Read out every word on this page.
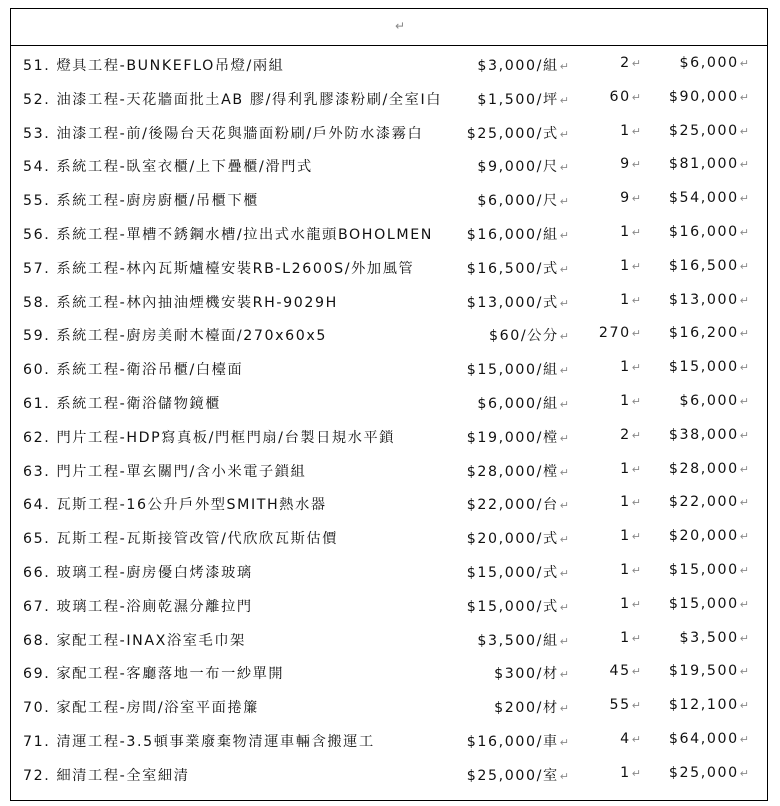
↵
51. 燈具工程-BUNKEFLO吊燈/兩組	$3,000/組↵	2↵	$6,000↵
52. 油漆工程-天花牆面批土AB 膠/得利乳膠漆粉刷/全室I白 $1,500/坪↵	60↵ $90,000↵
53. 油漆工程-前/後陽台天花與牆面粉刷/戶外防水漆霧白	$25,000/式↵	1↵ $25,000↵
54. 系統工程-臥室衣櫃/上下疊櫃/滑門式	$9,000/尺↵	9↵ $81,000↵
55. 系統工程-廚房廚櫃/吊櫃下櫃	$6,000/尺↵	9↵ $54,000↵
56. 系統工程-單槽不銹鋼水槽/拉出式水龍頭BOHOLMEN $16,000/組↵	1↵ $16,000↵
57. 系統工程-林內瓦斯爐檯安裝RB-L2600S/外加風管	$16,500/式↵	1↵ $16,500↵
58. 系統工程-林內抽油煙機安裝RH-9029H	$13,000/式↵	1↵ $13,000↵
59. 系統工程-廚房美耐木檯面/270x60x5	$60/公分↵ 270↵ $16,200↵
60. 系統工程-衛浴吊櫃/白檯面	$15,000/組↵	1↵ $15,000↵
61. 系統工程-衛浴儲物鏡櫃	$6,000/組↵	1↵	$6,000↵
62. 門片工程-HDP寫真板/門框門扇/台製日規水平鎖	$19,000/樘↵	2↵ $38,000↵
63. 門片工程-單玄關門/含小米電子鎖組	$28,000/樘↵	1↵ $28,000↵
64. 瓦斯工程-16公升戶外型SMITH熱水器	$22,000/台↵	1↵ $22,000↵
65. 瓦斯工程-瓦斯接管改管/代欣欣瓦斯估價	$20,000/式↵	1↵ $20,000↵
66. 玻璃工程-廚房優白烤漆玻璃	$15,000/式↵	1↵ $15,000↵
67. 玻璃工程-浴廁乾濕分離拉門	$15,000/式↵	1↵ $15,000↵
68. 家配工程-INAX浴室毛巾架	$3,500/組↵	1↵	$3,500↵
69. 家配工程-客廳落地一布一紗單開	$300/材↵	45↵ $19,500↵
70. 家配工程-房間/浴室平面捲簾	$200/材↵	55↵ $12,100↵
71. 清運工程-3.5頓事業廢棄物清運車輛含搬運工	$16,000/車↵	4↵ $64,000↵
72. 細清工程-全室細清	$25,000/室↵	1↵ $25,000↵
